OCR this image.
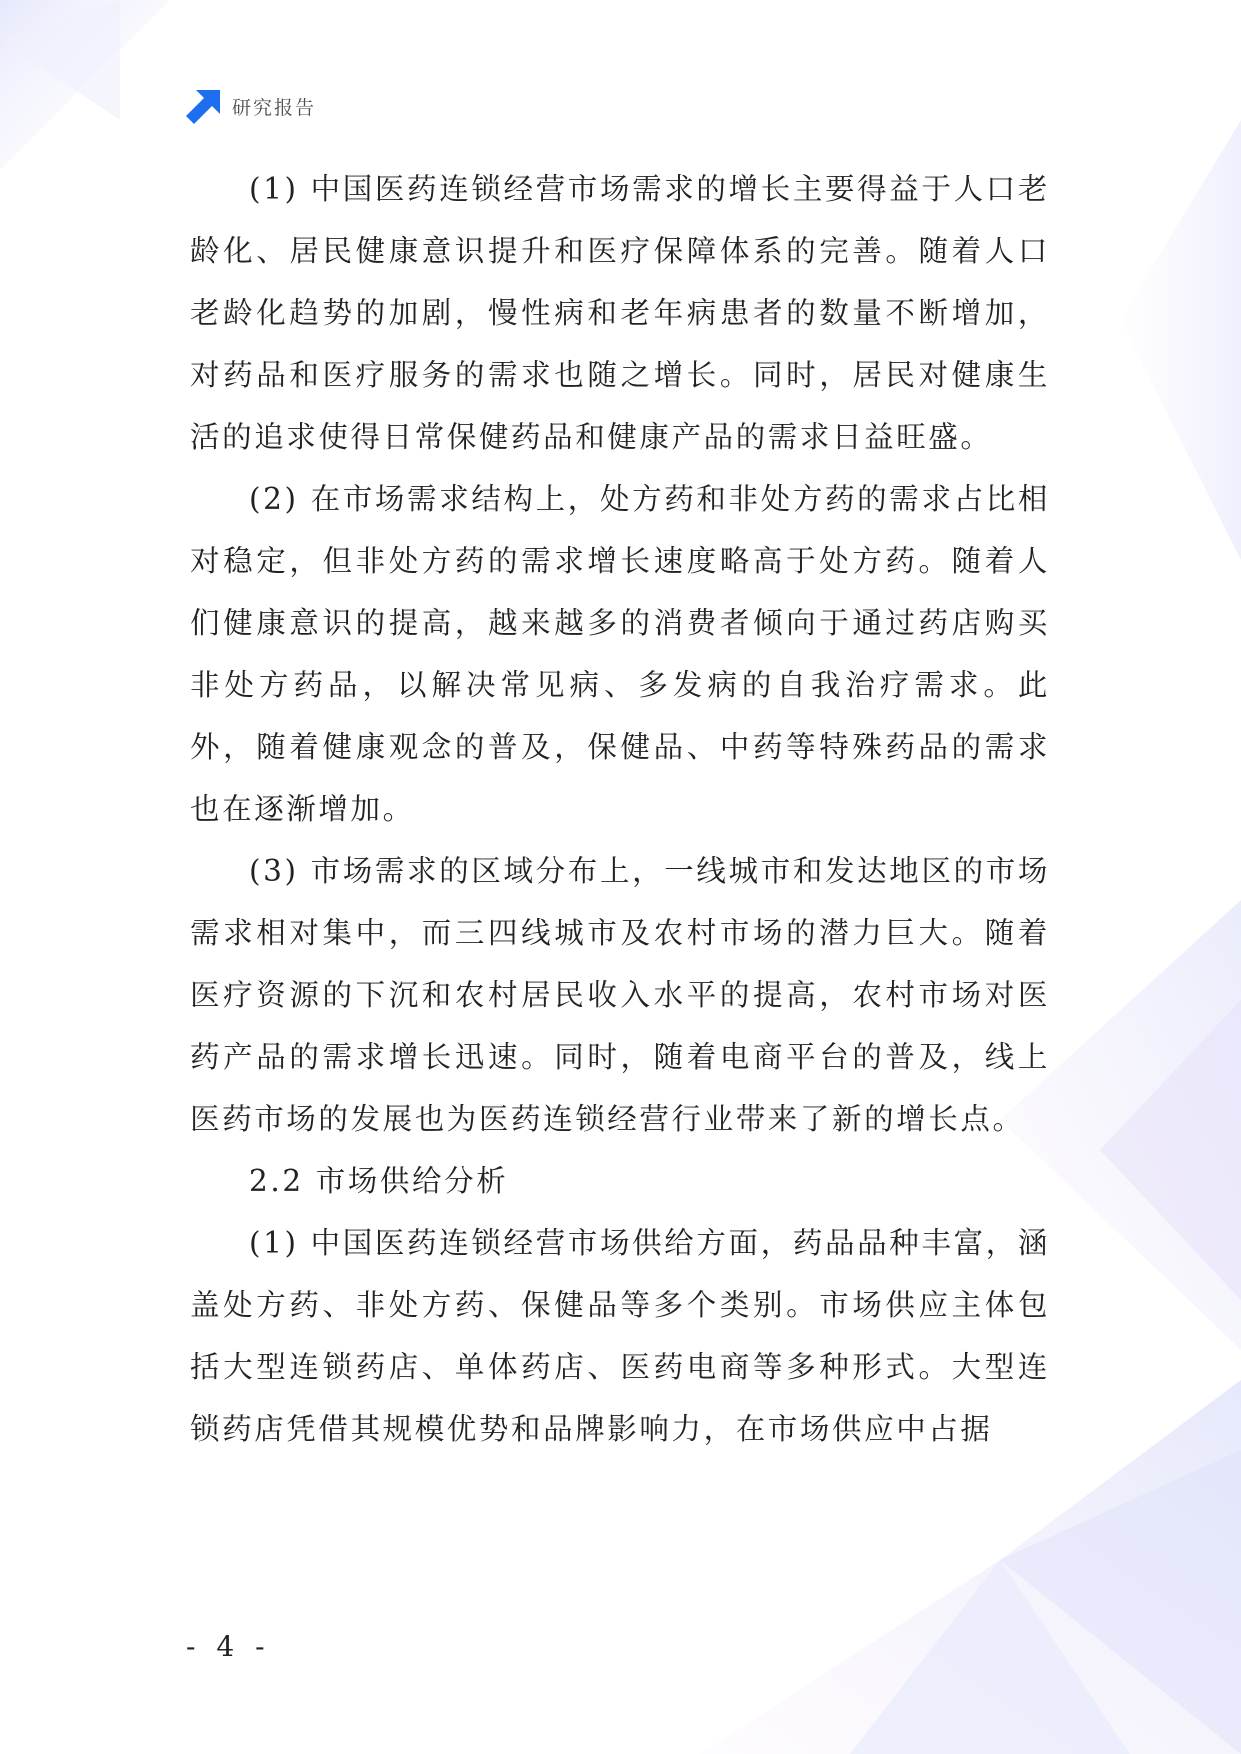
研究报告

(1) 中国医药连锁经营市场需求的增长主要得益于人口老龄化、居民健康意识提升和医疗保障体系的完善。随着人口老龄化趋势的加剧，慢性病和老年病患者的数量不断增加，对药品和医疗服务的需求也随之增长。同时，居民对健康生活的追求使得日常保健药品和健康产品的需求日益旺盛。

(2) 在市场需求结构上，处方药和非处方药的需求占比相对稳定，但非处方药的需求增长速度略高于处方药。随着人们健康意识的提高，越来越多的消费者倾向于通过药店购买非处方药品，以解决常见病、多发病的自我治疗需求。此外，随着健康观念的普及，保健品、中药等特殊药品的需求也在逐渐增加。

(3) 市场需求的区域分布上，一线城市和发达地区的市场需求相对集中，而三四线城市及农村市场的潜力巨大。随着医疗资源的下沉和农村居民收入水平的提高，农村市场对医药产品的需求增长迅速。同时，随着电商平台的普及，线上医药市场的发展也为医药连锁经营行业带来了新的增长点。

2.2 市场供给分析

(1) 中国医药连锁经营市场供给方面，药品品种丰富，涵盖处方药、非处方药、保健品等多个类别。市场供应主体包括大型连锁药店、单体药店、医药电商等多种形式。大型连锁药店凭借其规模优势和品牌影响力，在市场供应中占据

- 4 -
